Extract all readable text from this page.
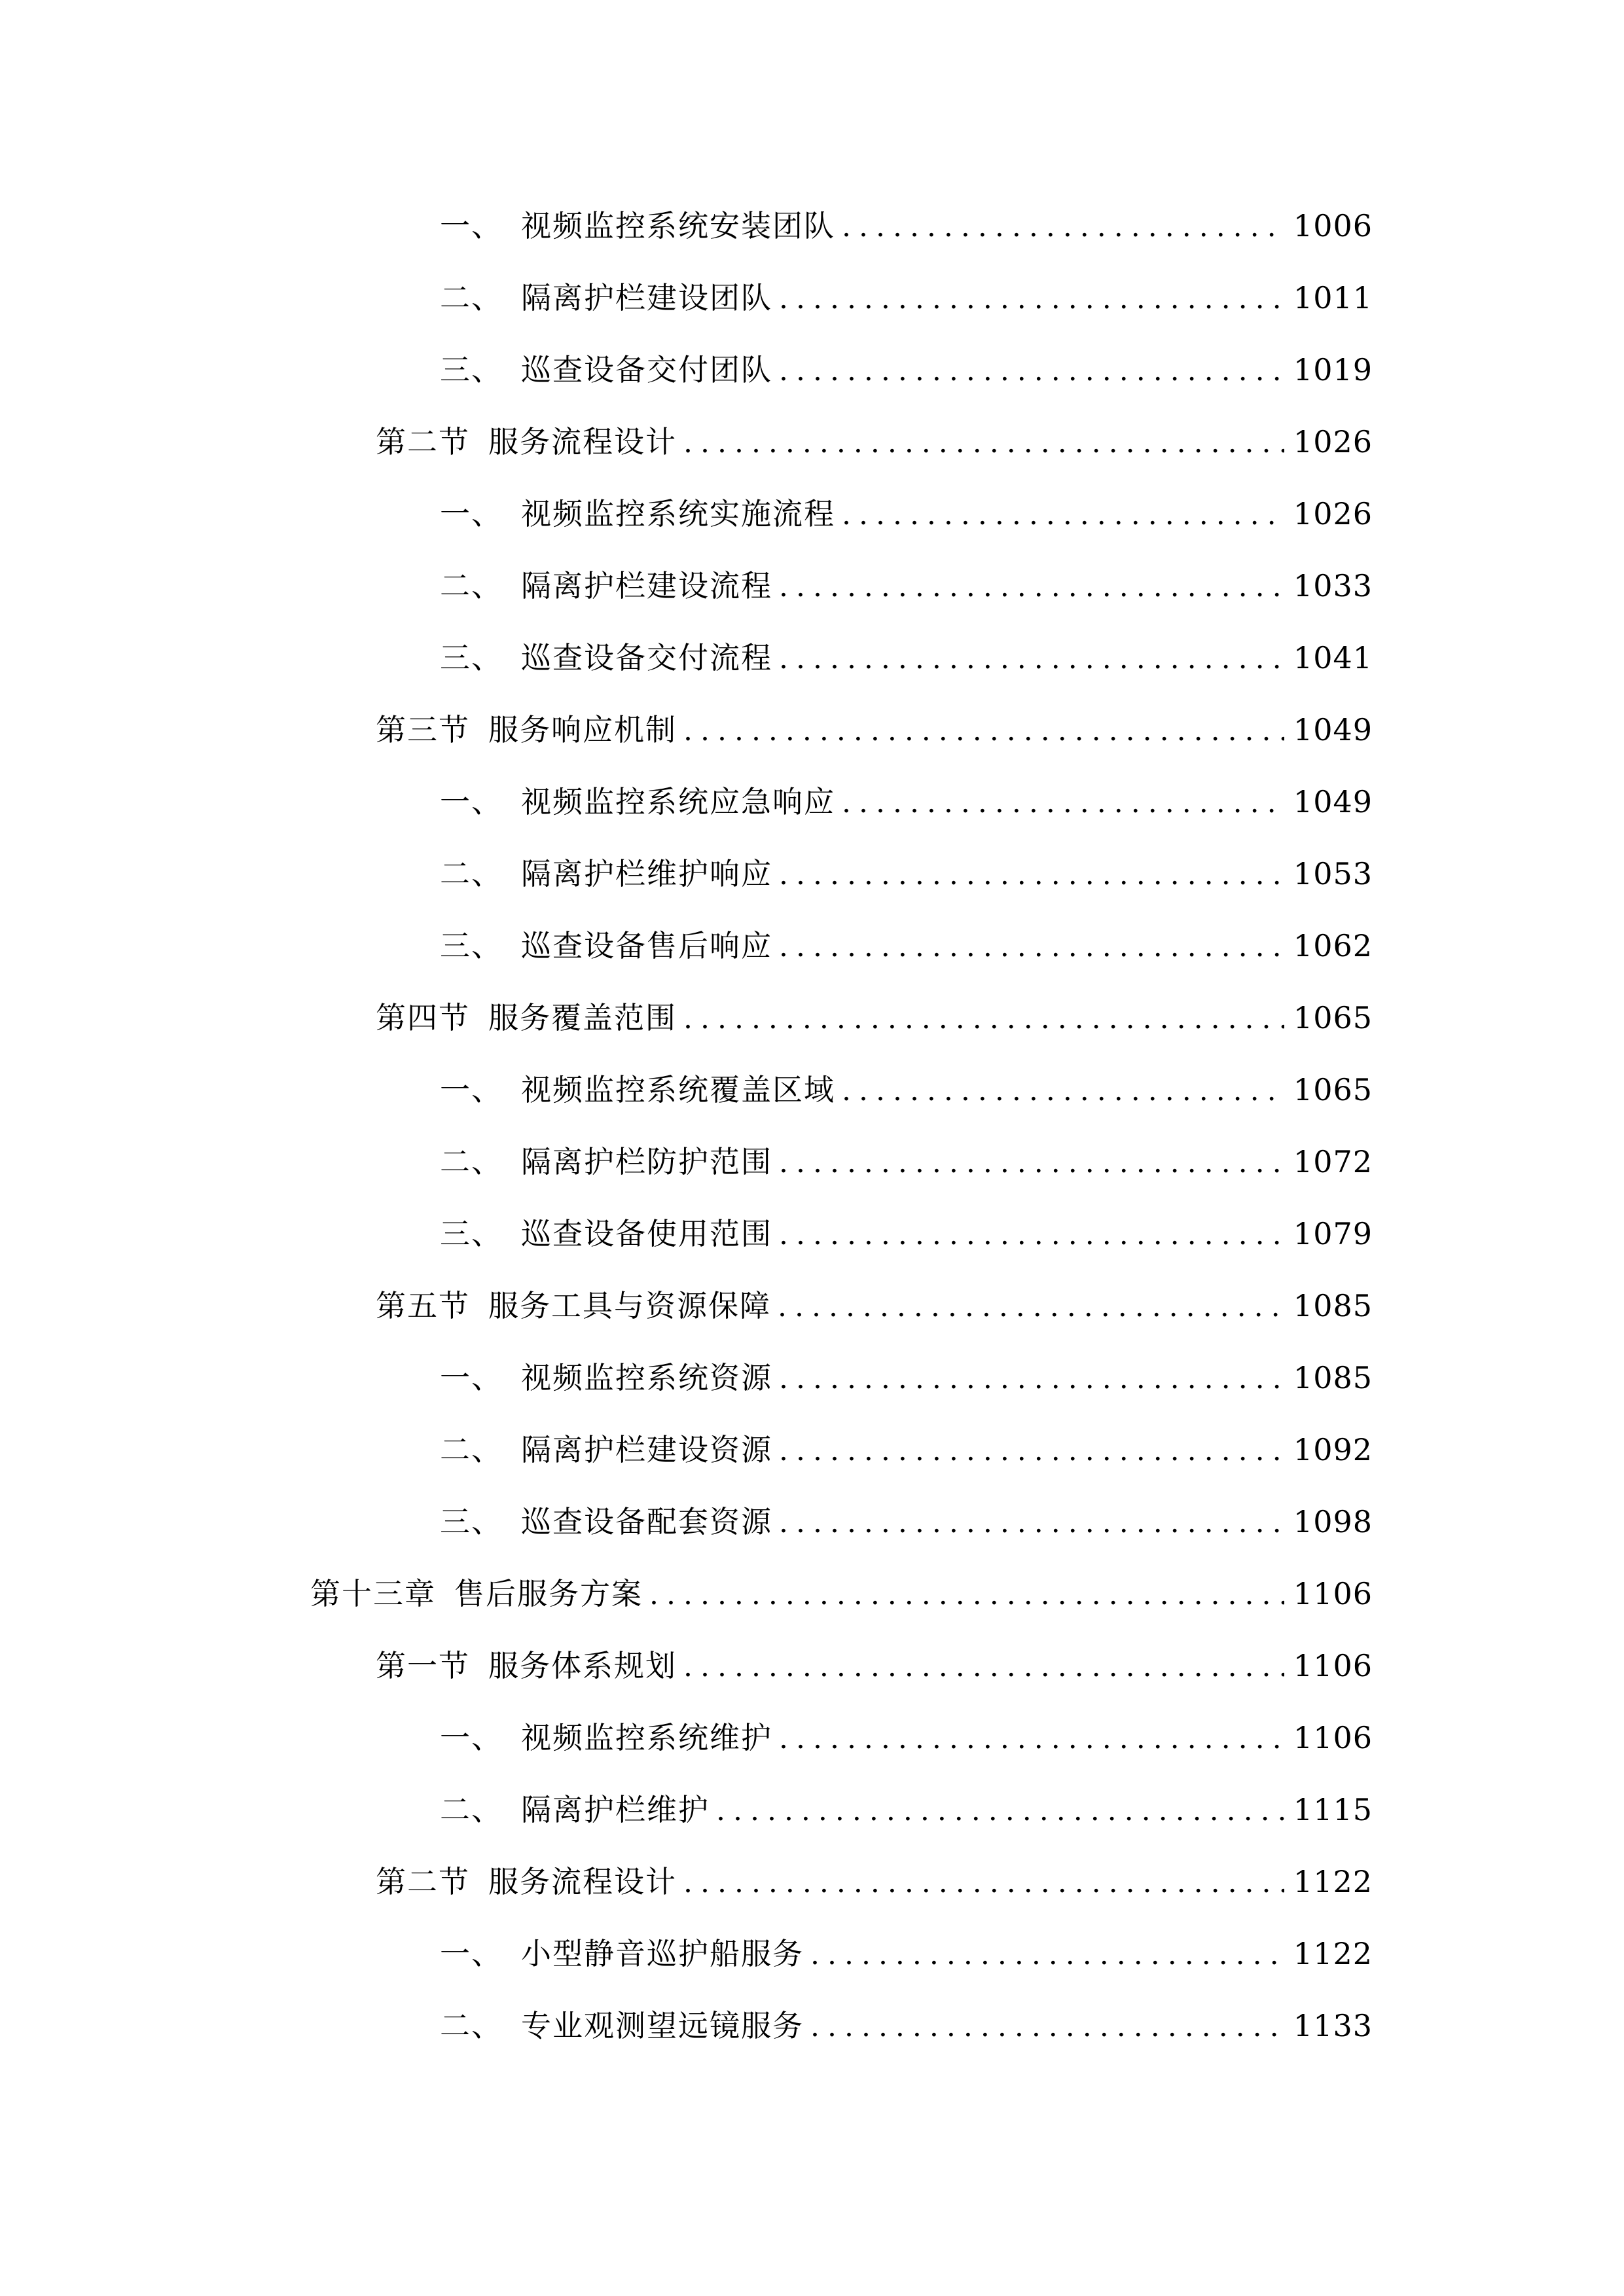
一、 视频监控系统安装团队 .....	1006
二、 隔离护栏建设团队 .....	1011
三、 巡查设备交付团队 .....	1019
第二节 服务流程设计 .....	1026
一、 视频监控系统实施流程 .....	1026
二、 隔离护栏建设流程 .....	1033
三、 巡查设备交付流程 .....	1041
第三节 服务响应机制 .....	1049
一、 视频监控系统应急响应 .....	1049
二、 隔离护栏维护响应 .....	1053
三、 巡查设备售后响应 .....	1062
第四节 服务覆盖范围 .....	1065
一、 视频监控系统覆盖区域 .....	1065
二、 隔离护栏防护范围 .....	1072
三、 巡查设备使用范围 .....	1079
第五节 服务工具与资源保障 .....	1085
一、 视频监控系统资源 .....	1085
二、 隔离护栏建设资源 .....	1092
三、 巡查设备配套资源 .....	1098
第十三章 售后服务方案 .....	1106
第一节 服务体系规划 .....	1106
一、 视频监控系统维护 .....	1106
二、 隔离护栏维护 .....	1115
第二节 服务流程设计 .....	1122
一、 小型静音巡护船服务 .....	1122
二、 专业观测望远镜服务 .....	1133
